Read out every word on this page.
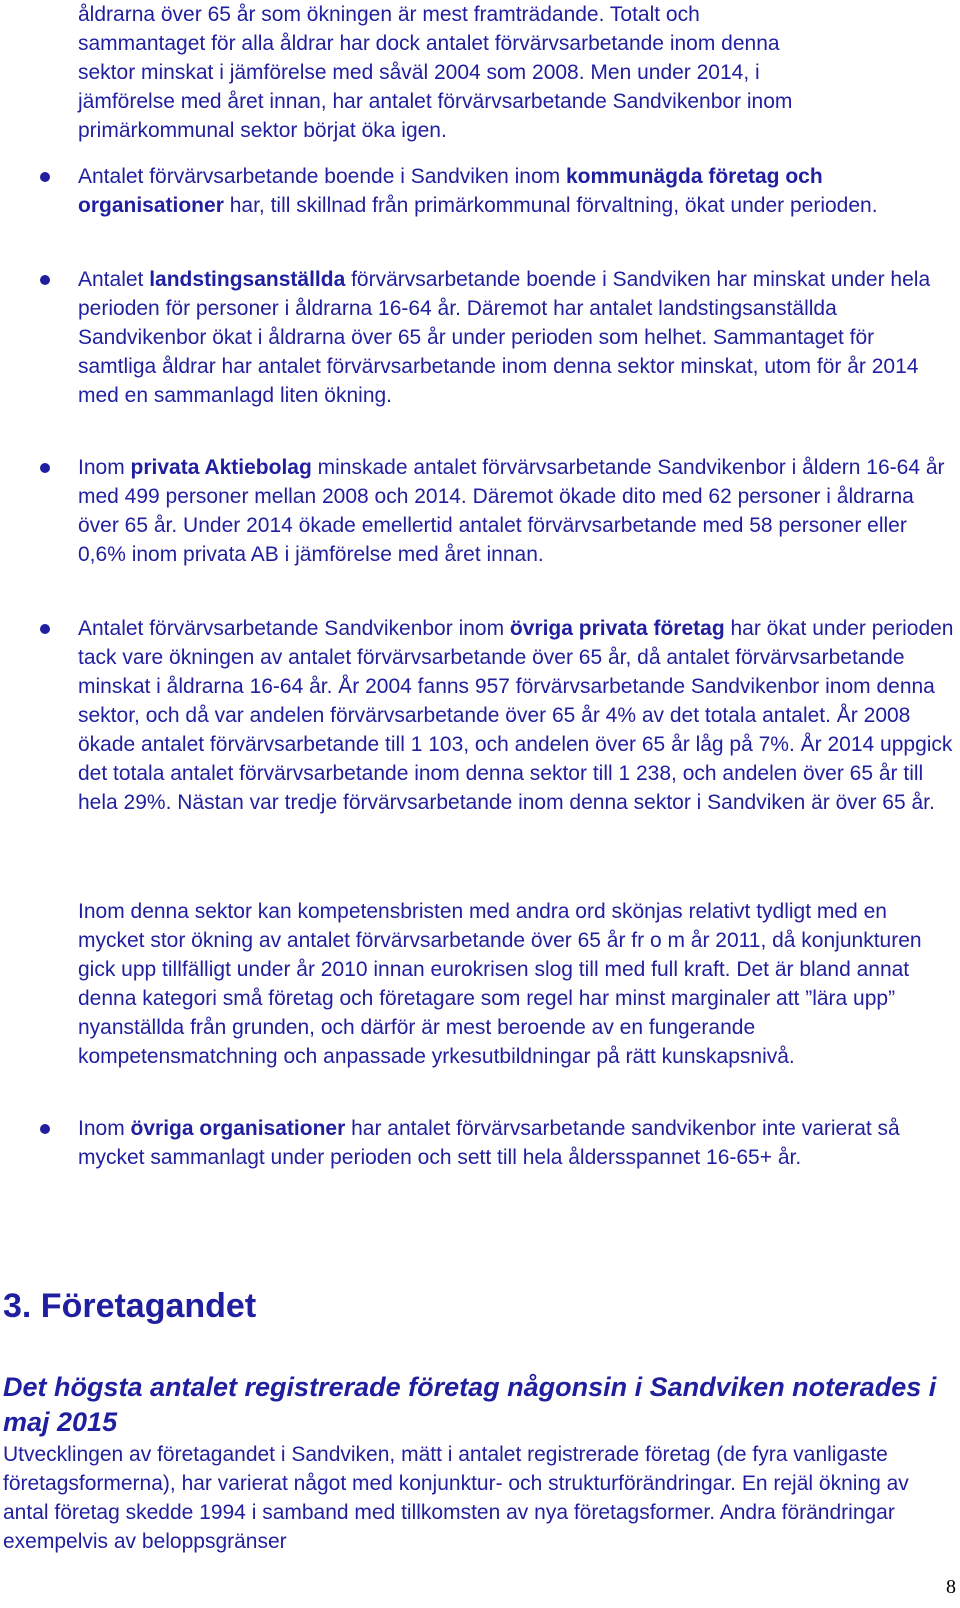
åldrarna över 65 år som ökningen är mest framträdande. Totalt och
sammantaget för alla åldrar har dock antalet förvärvsarbetande inom denna
sektor minskat i jämförelse med såväl 2004 som 2008. Men under 2014, i
jämförelse med året innan, har antalet förvärvsarbetande Sandvikenbor inom
primärkommunal sektor börjat öka igen.

Antalet förvärvsarbetande boende i Sandviken inom kommunägda företag och organisationer har, till skillnad från primärkommunal förvaltning, ökat under perioden.

Antalet landstingsanställda förvärvsarbetande boende i Sandviken har minskat under hela perioden för personer i åldrarna 16-64 år. Däremot har antalet landstingsanställda Sandvikenbor ökat i åldrarna över 65 år under perioden som helhet. Sammantaget för samtliga åldrar har antalet förvärvsarbetande inom denna sektor minskat, utom för år 2014 med en sammanlagd liten ökning.

Inom privata Aktiebolag minskade antalet förvärvsarbetande Sandvikenbor i åldern 16-64 år med 499 personer mellan 2008 och 2014. Däremot ökade dito med 62 personer i åldrarna över 65 år. Under 2014 ökade emellertid antalet förvärvsarbetande med 58 personer eller 0,6% inom privata AB i jämförelse med året innan.

Antalet förvärvsarbetande Sandvikenbor inom övriga privata företag har ökat under perioden tack vare ökningen av antalet förvärvsarbetande över 65 år, då antalet förvärvsarbetande minskat i åldrarna 16-64 år. År 2004 fanns 957 förvärvsarbetande Sandvikenbor inom denna sektor, och då var andelen förvärvsarbetande över 65 år 4% av det totala antalet. År 2008 ökade antalet förvärvsarbetande till 1 103, och andelen över 65 år låg på 7%. År 2014 uppgick det totala antalet förvärvsarbetande inom denna sektor till 1 238, och andelen över 65 år till hela 29%. Nästan var tredje förvärvsarbetande inom denna sektor i Sandviken är över 65 år.

Inom denna sektor kan kompetensbristen med andra ord skönjas relativt tydligt med en mycket stor ökning av antalet förvärvsarbetande över 65 år fr o m år 2011, då konjunkturen gick upp tillfälligt under år 2010 innan eurokrisen slog till med full kraft. Det är bland annat denna kategori små företag och företagare som regel har minst marginaler att ”lära upp” nyanställda från grunden, och därför är mest beroende av en fungerande kompetensmatchning och anpassade yrkesutbildningar på rätt kunskapsnivå.

Inom övriga organisationer har antalet förvärvsarbetande sandvikenbor inte varierat så mycket sammanlagt under perioden och sett till hela åldersspannet 16-65+ år.

3. Företagandet
Det högsta antalet registrerade företag någonsin i Sandviken noterades i maj 2015

Utvecklingen av företagandet i Sandviken, mätt i antalet registrerade företag (de fyra vanligaste företagsformerna), har varierat något med konjunktur- och strukturförändringar. En rejäl ökning av antal företag skedde 1994 i samband med tillkomsten av nya företagsformer. Andra förändringar exempelvis av beloppsgränser

8
